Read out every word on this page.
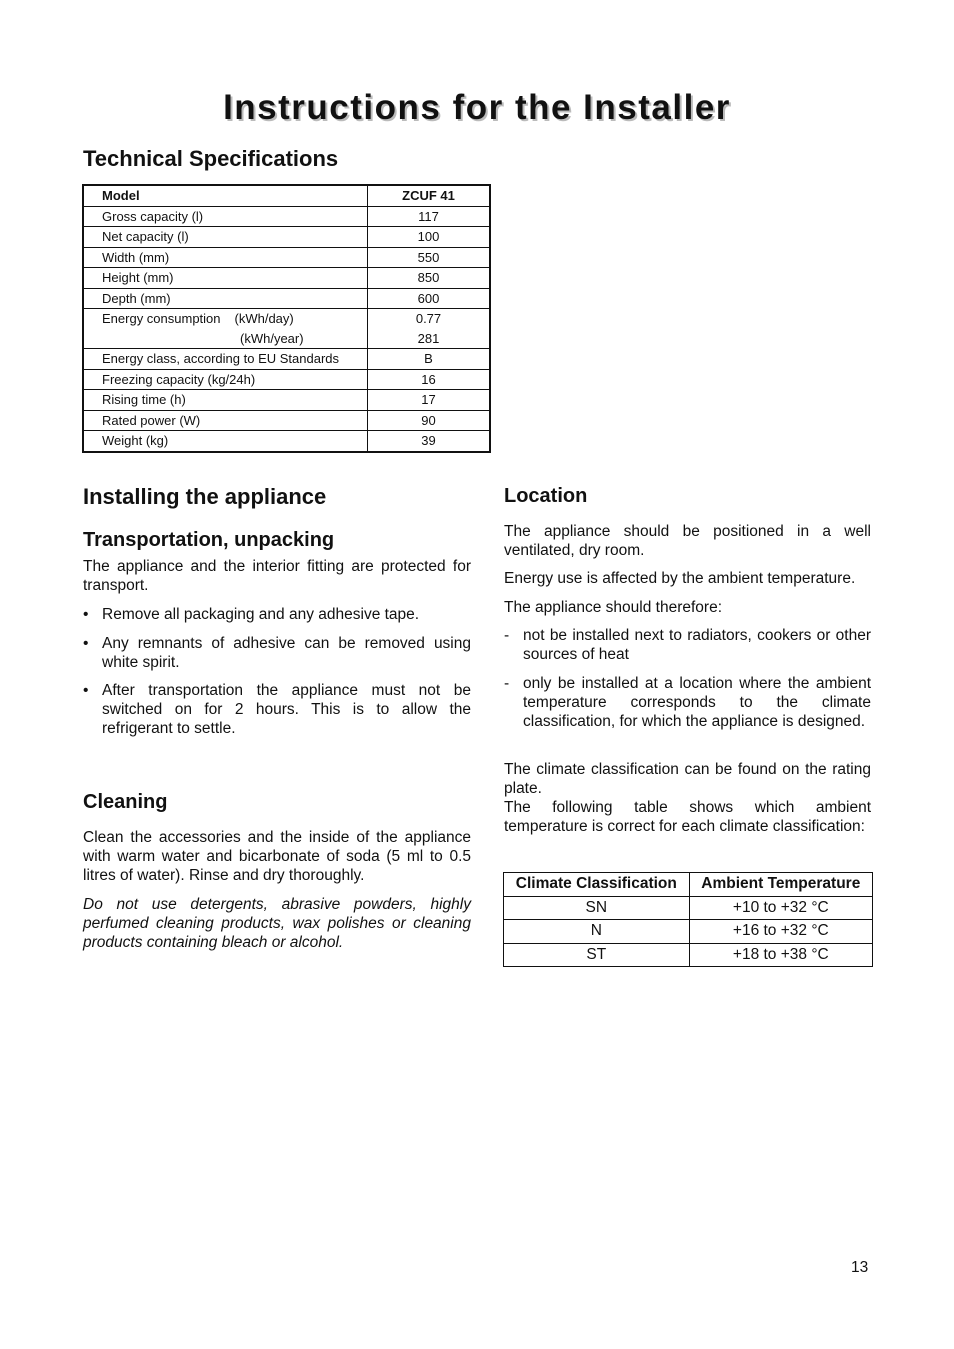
Instructions for the Installer
Technical Specifications
Model	ZCUF 41
Gross capacity (l)	117
Net capacity (l)	100
Width (mm)	550
Height (mm)	850
Depth (mm)	600
Energy consumption (kWh/day)	0.77
(kWh/year)	281
Energy class, according to EU Standards	B
Freezing capacity (kg/24h)	16
Rising time (h)	17
Rated power (W)	90
Weight (kg)	39
Installing the appliance
Transportation, unpacking

The appliance and the interior fitting are protected for transport.

• Remove all packaging and any adhesive tape.
• Any remnants of adhesive can be removed using white spirit.
• After transportation the appliance must not be switched on for 2 hours. This is to allow the refrigerant to settle.
Cleaning

Clean the accessories and the inside of the appliance with warm water and bicarbonate of soda (5 ml to 0.5 litres of water). Rinse and dry thoroughly.

Do not use detergents, abrasive powders, highly perfumed cleaning products, wax polishes or cleaning products containing bleach or alcohol.

Location

The appliance should be positioned in a well ventilated, dry room.

Energy use is affected by the ambient temperature.

The appliance should therefore:

- not be installed next to radiators, cookers or other sources of heat
- only be installed at a location where the ambient temperature corresponds to the climate classification, for which the appliance is designed.

The climate classification can be found on the rating plate.

The following table shows which ambient temperature is correct for each climate classification:

Climate Classification	Ambient Temperature
SN	+10 to +32 °C
N	+16 to +32 °C
ST	+18 to +38 °C
13
